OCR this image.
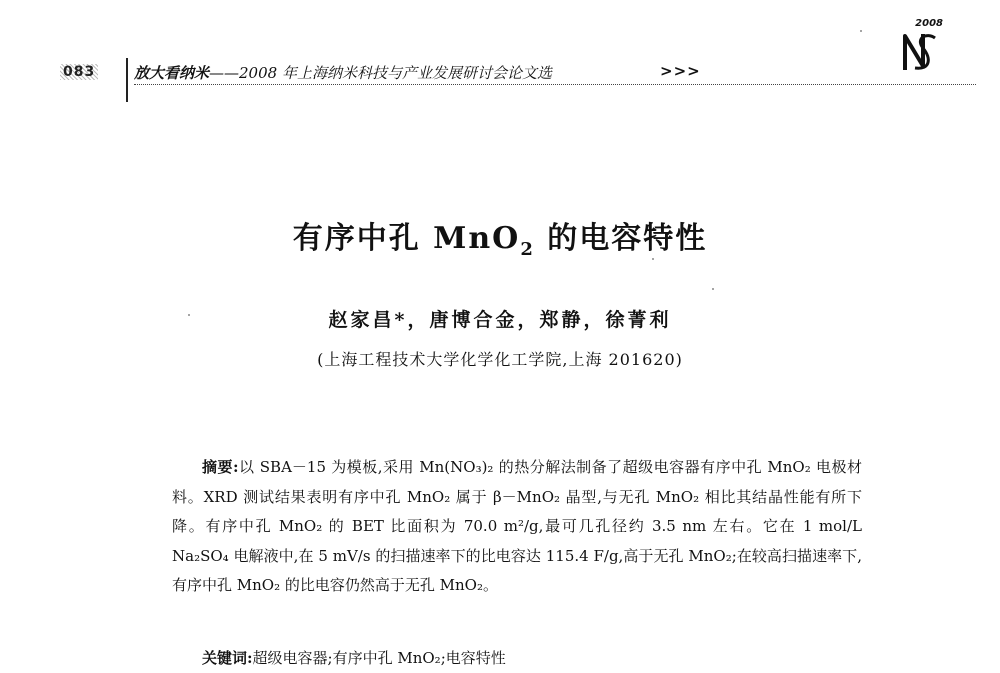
083	放大看纳米——2008 年上海纳米科技与产业发展研讨会论文选	>>>
2008
有序中孔 MnO$_2$ 的电容特性
赵家昌*，唐博合金，郑静，徐菁利
(上海工程技术大学化学化工学院,上海 201620)
摘要:以 SBA－15 为模板,采用 Mn(NO₃)₂ 的热分解法制备了超级电容器有序中孔 MnO₂ 电极材料。XRD 测试结果表明有序中孔 MnO₂ 属于 β－MnO₂ 晶型,与无孔 MnO₂ 相比其结晶性能有所下降。有序中孔 MnO₂ 的 BET 比面积为 70.0 m²/g,最可几孔径约 3.5 nm 左右。它在 1 mol/L Na₂SO₄ 电解液中,在 5 mV/s 的扫描速率下的比电容达 115.4 F/g,高于无孔 MnO₂;在较高扫描速率下,有序中孔 MnO₂ 的比电容仍然高于无孔 MnO₂。
关键词:超级电容器;有序中孔 MnO₂;电容特性
